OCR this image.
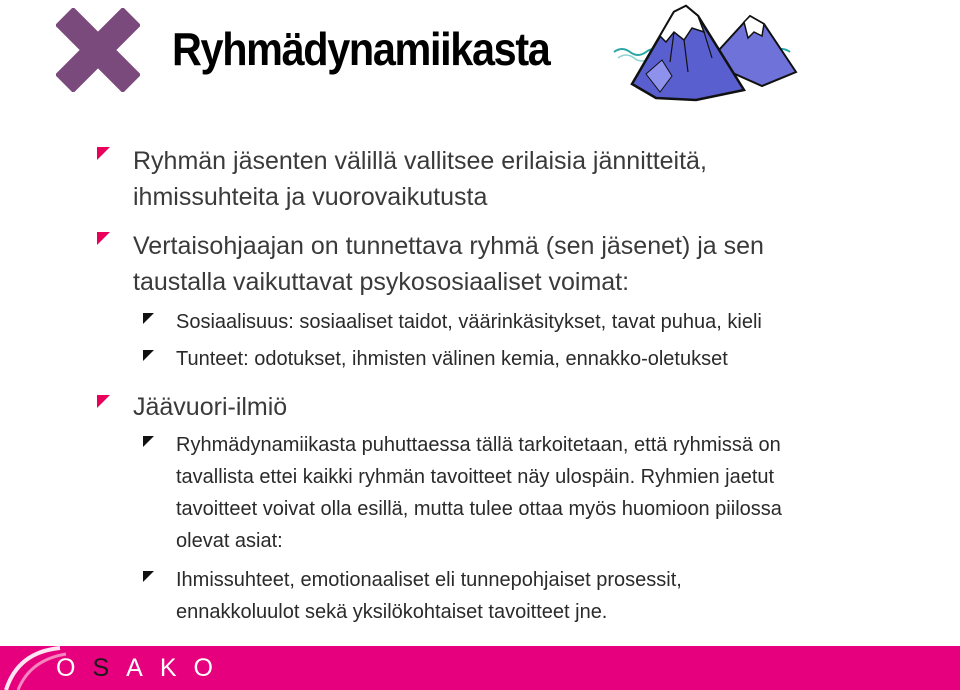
Ryhmädynamiikasta
Ryhmän jäsenten välillä vallitsee erilaisia jännitteitä,
ihmissuhteita ja vuorovaikutusta
Vertaisohjaajan on tunnettava ryhmä (sen jäsenet) ja sen
taustalla vaikuttavat psykososiaaliset voimat:
Sosiaalisuus: sosiaaliset taidot, väärinkäsitykset, tavat puhua, kieli
Tunteet: odotukset, ihmisten välinen kemia, ennakko-oletukset
Jäävuori-ilmiö
Ryhmädynamiikasta puhuttaessa tällä tarkoitetaan, että ryhmissä on
tavallista ettei kaikki ryhmän tavoitteet näy ulospäin. Ryhmien jaetut
tavoitteet voivat olla esillä, mutta tulee ottaa myös huomioon piilossa
olevat asiat:
Ihmissuhteet, emotionaaliset eli tunnepohjaiset prosessit,
ennakkoluulot sekä yksilökohtaiset tavoitteet jne.
OSAKO
